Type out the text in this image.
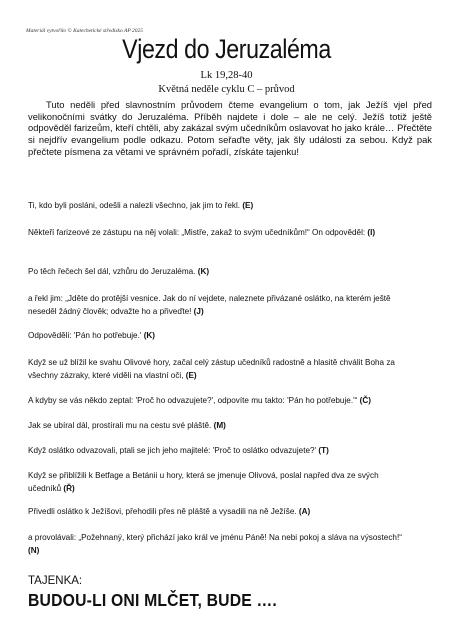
Materiál vytvořilo © Katechetické středisko AP 2025
Vjezd do Jeruzaléma
Lk 19,28-40
Květná neděle cyklu C – průvod

Tuto neděli před slavnostním průvodem čteme evangelium o tom, jak Ježíš vjel před velikonočními svátky do Jeruzaléma. Příběh najdete i dole – ale ne celý. Ježíš totiž ještě odpověděl farizeům, kteří chtěli, aby zakázal svým učedníkům oslavovat ho jako krále… Přečtěte si nejdřív evangelium podle odkazu. Potom seřaďte věty, jak šly události za sebou. Když pak přečtete písmena za větami ve správném pořadí, získáte tajenku!

Ti, kdo byli posláni, odešli a nalezli všechno, jak jim to řekl. (E)

Někteří farizeové ze zástupu na něj volali: „Mistře, zakaž to svým učedníkům!“ On odpověděl: (I)

Po těch řečech šel dál, vzhůru do Jeruzaléma. (K)

a řekl jim: „Jděte do protější vesnice. Jak do ní vejdete, naleznete přivázané oslátko, na kterém ještě neseděl žádný člověk; odvažte ho a přiveďte! (J)

Odpověděli: 'Pán ho potřebuje.' (K)

Když se už blížil ke svahu Olivové hory, začal celý zástup učedníků radostně a hlasitě chválit Boha za všechny zázraky, které viděli na vlastní oči, (E)

A kdyby se vás někdo zeptal: 'Proč ho odvazujete?', odpovíte mu takto: 'Pán ho potřebuje.'“ (Č)

Jak se ubíral dál, prostírali mu na cestu své pláště. (M)

Když oslátko odvazovali, ptali se jich jeho majitelé: 'Proč to oslátko odvazujete?' (T)

Když se přiblížili k Betfage a Betánii u hory, která se jmenuje Olivová, poslal napřed dva ze svých učedníků (Ř)

Přivedli oslátko k Ježíšovi, přehodili přes ně pláště a vysadili na ně Ježíše. (A)

a provolávali: „Požehnaný, který přichází jako král ve jménu Páně! Na nebi pokoj a sláva na výsostech!“ (N)

TAJENKA:

BUDOU-LI ONI MLČET, BUDE ….
